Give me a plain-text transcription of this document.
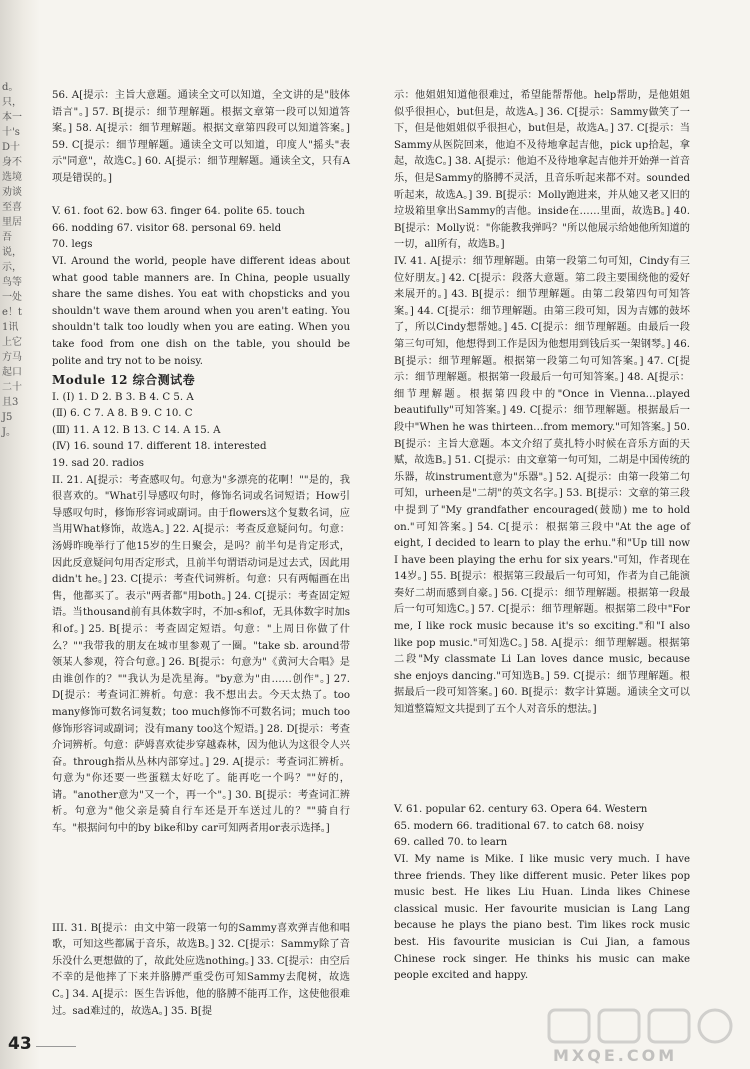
d。只，本一十'sD十身不选境劝谈至喜里居吾说，示，鸟等一处e！t1讯上它方马起口二十且3J5J。

56. A[提示：主旨大意题。通读全文可以知道，全文讲的是"肢体语言"。] 57. B[提示：细节理解题。根据文章第一段可以知道答案。] 58. A[提示：细节理解题。根据文章第四段可以知道答案。] 59. C[提示：细节理解题。通读全文可以知道，印度人"摇头"表示"同意"，故选C。] 60. A[提示：细节理解题。通读全文，只有A项是错误的。]

V. 61. foot 62. bow 63. finger 64. polite 65. touch
66. nodding 67. visitor 68. personal 69. held
70. legs

VI. Around the world, people have different ideas about what good table manners are. In China, people usually share the same dishes. You eat with chopsticks and you shouldn't wave them around when you aren't eating. You shouldn't talk too loudly when you are eating. When you take food from one dish on the table, you should be polite and try not to be noisy.

Module 12 综合测试卷

I. (Ⅰ) 1. D 2. B 3. B 4. C 5. A
(Ⅱ) 6. C 7. A 8. B 9. C 10. C
(Ⅲ) 11. A 12. B 13. C 14. A 15. A
(Ⅳ) 16. sound 17. different 18. interested
19. sad 20. radios

II. 21. A[提示：考查感叹句。句意为"多漂亮的花啊！""是的，我很喜欢的。"What引导感叹句时，修饰名词或名词短语；How引导感叹句时，修饰形容词或副词。由于flowers这个复数名词，应当用What修饰，故选A。] 22. A[提示：考查反意疑问句。句意：汤姆昨晚举行了他15岁的生日聚会，是吗？前半句是肯定形式，因此反意疑问句用否定形式，且前半句谓语动词是过去式，因此用didn't he。] 23. C[提示：考查代词辨析。句意：只有两幅画在出售，他都买了。表示"两者都"用both。] 24. C[提示：考查固定短语。当thousand前有具体数字时，不加-s和of，无具体数字时加s和of。] 25. B[提示：考查固定短语。句意："上周日你做了什么？""我带我的朋友在城市里参观了一圈。"take sb. around带领某人参观，符合句意。] 26. B[提示：句意为"《黄河大合唱》是由谁创作的？""我认为是冼星海。"by意为"由……创作"。] 27. D[提示：考查词汇辨析。句意：我不想出去。今天太热了。too many修饰可数名词复数；too much修饰不可数名词；much too修饰形容词或副词；没有many too这个短语。] 28. D[提示：考查介词辨析。句意：萨姆喜欢徒步穿越森林，因为他认为这很令人兴奋。through指从丛林内部穿过。] 29. A[提示：考查词汇辨析。句意为"你还要一些蛋糕太好吃了。能再吃一个吗？""好的，请。"another意为"又一个，再一个"。] 30. B[提示：考查词汇辨析。句意为"他父亲是骑自行车还是开车送过儿的？""骑自行车。"根据问句中的by bike和by car可知两者用or表示选择。]

III. 31. B[提示：由文中第一段第一句的Sammy喜欢弹吉他和唱歌，可知这些都属于音乐，故选B。] 32. C[提示：Sammy除了音乐没什么更想做的了，故此处应选nothing。] 33. C[提示：由空后不幸的是他摔了下来并胳膊严重受伤可知Sammy去爬树，故选C。] 34. A[提示：医生告诉他，他的胳膊不能再工作，这使他很难过。sad难过的，故选A。] 35. B[提

示：他姐姐知道他很难过，希望能帮帮他。help帮助，是他姐姐似乎很担心，but但是，故选A。] 36. C[提示：Sammy做笑了一下，但是他姐姐似乎很担心，but但是，故选A。] 37. C[提示：当Sammy从医院回来，他迫不及待地拿起吉他，pick up拾起，拿起，故选C。] 38. A[提示：他迫不及待地拿起吉他并开始弹一首音乐，但是Sammy的胳膊不灵活，且音乐听起来都不对。sounded听起来，故选A。] 39. B[提示：Molly跑进来，并从她又老又旧的垃圾箱里拿出Sammy的吉他。inside在……里面，故选B。] 40. B[提示：Molly说："你能教我弹吗？"所以他展示给她他所知道的一切，all所有，故选B。]

IV. 41. A[提示：细节理解题。由第一段第二句可知，Cindy有三位好朋友。] 42. C[提示：段落大意题。第二段主要围绕他的爱好来展开的。] 43. B[提示：细节理解题。由第二段第四句可知答案。] 44. C[提示：细节理解题。由第三段可知，因为吉娜的鼓坏了，所以Cindy想帮她。] 45. C[提示：细节理解题。由最后一段第三句可知，他想得到工作是因为他想用到钱后买一架钢琴。] 46. B[提示：细节理解题。根据第一段第二句可知答案。] 47. C[提示：细节理解题。根据第一段最后一句可知答案。] 48. A[提示：细节理解题。根据第四段中的"Once in Vienna…played beautifully"可知答案。] 49. C[提示：细节理解题。根据最后一段中"When he was thirteen…from memory."可知答案。] 50. B[提示：主旨大意题。本文介绍了莫扎特小时候在音乐方面的天赋，故选B。] 51. C[提示：由文章第一句可知，二胡是中国传统的乐器，故instrument意为"乐器"。] 52. A[提示：由第一段第二句可知，urheen是"二胡"的英文名字。] 53. B[提示：文章的第三段中提到了"My grandfather encouraged(鼓励) me to hold on."可知答案。] 54. C[提示：根据第三段中"At the age of eight, I decided to learn to play the erhu."和"Up till now I have been playing the erhu for six years."可知，作者现在14岁。] 55. B[提示：根据第三段最后一句可知，作者为自己能演奏好二胡而感到自豪。] 56. C[提示：细节理解题。根据第一段最后一句可知选C。] 57. C[提示：细节理解题。根据第二段中"For me, I like rock music because it's so exciting."和"I also like pop music."可知选C。] 58. A[提示：细节理解题。根据第二段"My classmate Li Lan loves dance music, because she enjoys dancing."可知选B。] 59. C[提示：细节理解题。根据最后一段可知答案。] 60. B[提示：数字计算题。通读全文可以知道整篇短文共提到了五个人对音乐的想法。]

V. 61. popular 62. century 63. Opera 64. Western
65. modern 66. traditional 67. to catch 68. noisy
69. called 70. to learn

VI. My name is Mike. I like music very much. I have three friends. They like different music. Peter likes pop music best. He likes Liu Huan. Linda likes Chinese classical music. Her favourite musician is Lang Lang because he plays the piano best. Tim likes rock music best. His favourite musician is Cui Jian, a famous Chinese rock singer. He thinks his music can make people excited and happy.

43
MXQE.COM
